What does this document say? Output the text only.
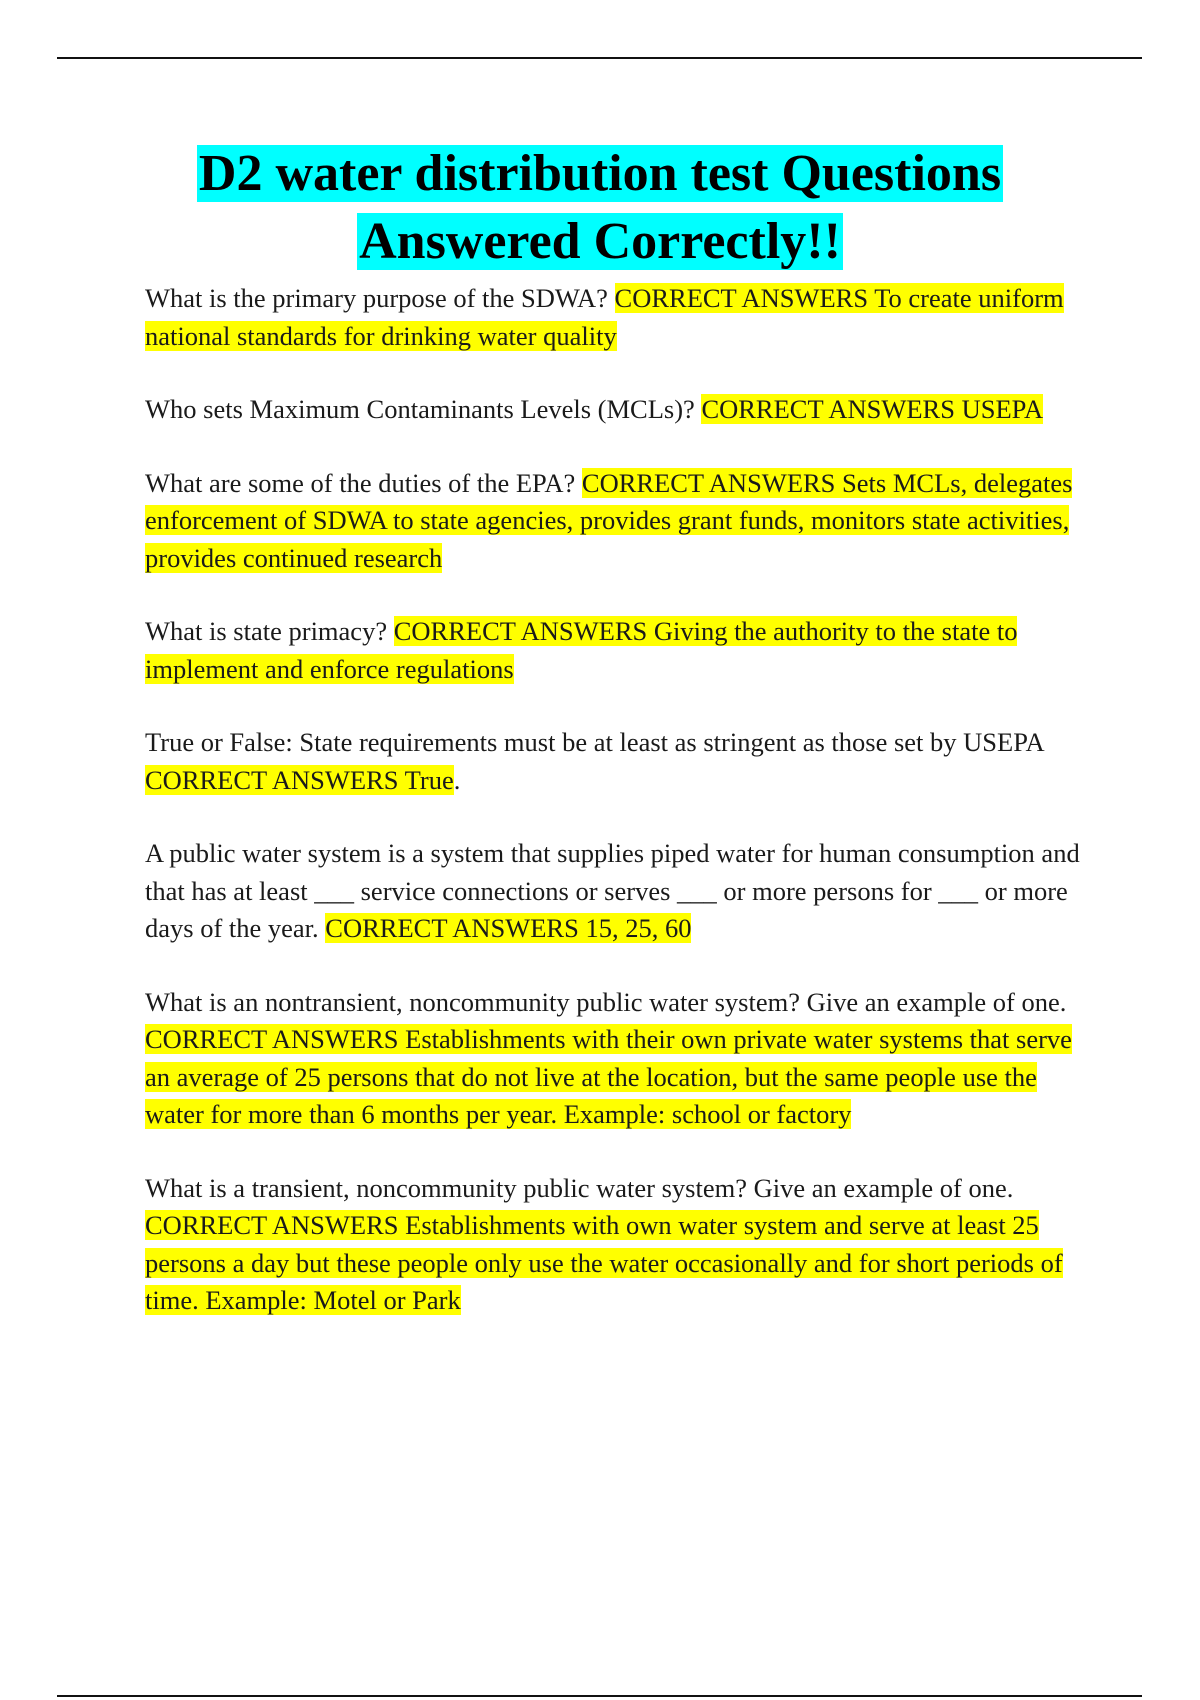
D2 water distribution test Questions
Answered Correctly!!

What is the primary purpose of the SDWA? CORRECT ANSWERS To create uniform national standards for drinking water quality

Who sets Maximum Contaminants Levels (MCLs)? CORRECT ANSWERS USEPA

What are some of the duties of the EPA? CORRECT ANSWERS Sets MCLs, delegates enforcement of SDWA to state agencies, provides grant funds, monitors state activities, provides continued research

What is state primacy? CORRECT ANSWERS Giving the authority to the state to implement and enforce regulations

True or False: State requirements must be at least as stringent as those set by USEPA CORRECT ANSWERS True.

A public water system is a system that supplies piped water for human consumption and that has at least ___ service connections or serves ___ or more persons for ___ or more days of the year. CORRECT ANSWERS 15, 25, 60

What is an nontransient, noncommunity public water system? Give an example of one. CORRECT ANSWERS Establishments with their own private water systems that serve an average of 25 persons that do not live at the location, but the same people use the water for more than 6 months per year. Example: school or factory

What is a transient, noncommunity public water system? Give an example of one. CORRECT ANSWERS Establishments with own water system and serve at least 25 persons a day but these people only use the water occasionally and for short periods of time. Example: Motel or Park
